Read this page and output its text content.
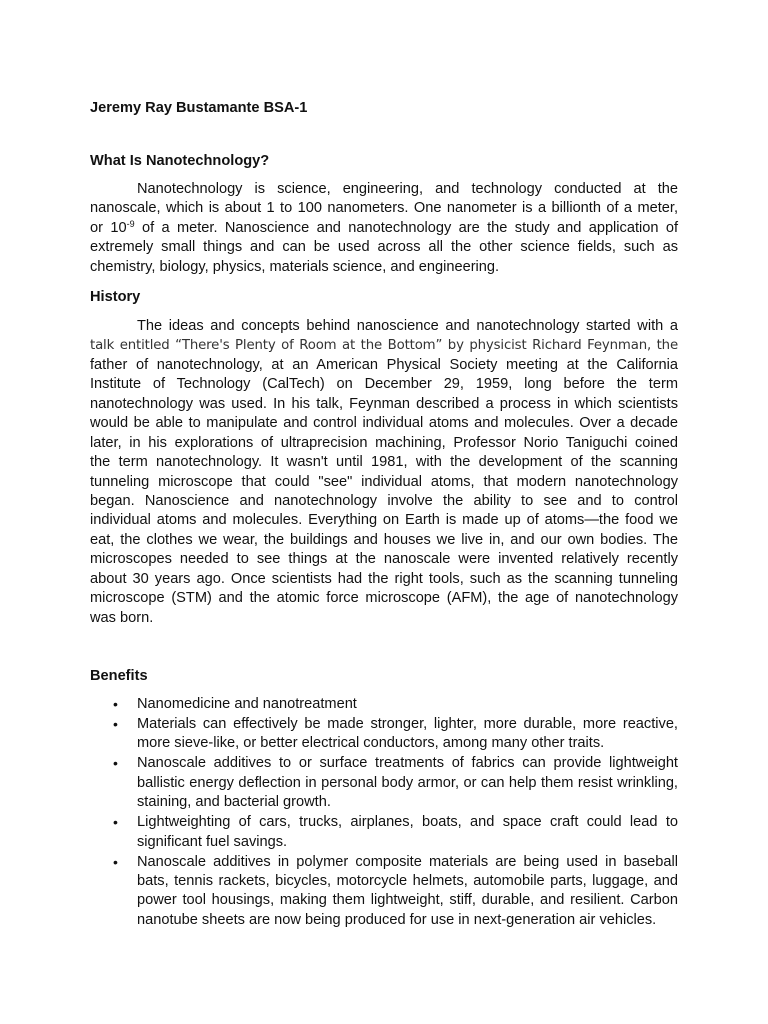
Jeremy Ray Bustamante BSA-1
What Is Nanotechnology?
Nanotechnology is science, engineering, and technology conducted at the
nanoscale, which is about 1 to 100 nanometers. One nanometer is a billionth of a meter,
or $10^{-9}$ of a meter. Nanoscience and nanotechnology are the study and application of
extremely small things and can be used across all the other science fields, such as
chemistry, biology, physics, materials science, and engineering.
History
The ideas and concepts behind nanoscience and nanotechnology started with a
talk entitled “There's Plenty of Room at the Bottom” by physicist Richard Feynman, the
father of nanotechnology, at an American Physical Society meeting at the California
Institute of Technology (CalTech) on December 29, 1959, long before the term
nanotechnology was used. In his talk, Feynman described a process in which scientists
would be able to manipulate and control individual atoms and molecules. Over a decade
later, in his explorations of ultraprecision machining, Professor Norio Taniguchi coined
the term nanotechnology. It wasn't until 1981, with the development of the scanning
tunneling microscope that could "see" individual atoms, that modern nanotechnology
began. Nanoscience and nanotechnology involve the ability to see and to control
individual atoms and molecules. Everything on Earth is made up of atoms—the food we
eat, the clothes we wear, the buildings and houses we live in, and our own bodies. The
microscopes needed to see things at the nanoscale were invented relatively recently
about 30 years ago. Once scientists had the right tools, such as the scanning tunneling
microscope (STM) and the atomic force microscope (AFM), the age of nanotechnology
was born.
Benefits
• Nanomedicine and nanotreatment
• Materials can effectively be made stronger, lighter, more durable, more reactive,
more sieve-like, or better electrical conductors, among many other traits.
• Nanoscale additives to or surface treatments of fabrics can provide lightweight
ballistic energy deflection in personal body armor, or can help them resist wrinkling,
staining, and bacterial growth.
• Lightweighting of cars, trucks, airplanes, boats, and space craft could lead to
significant fuel savings.
• Nanoscale additives in polymer composite materials are being used in baseball
bats, tennis rackets, bicycles, motorcycle helmets, automobile parts, luggage, and
power tool housings, making them lightweight, stiff, durable, and resilient. Carbon
nanotube sheets are now being produced for use in next-generation air vehicles.
